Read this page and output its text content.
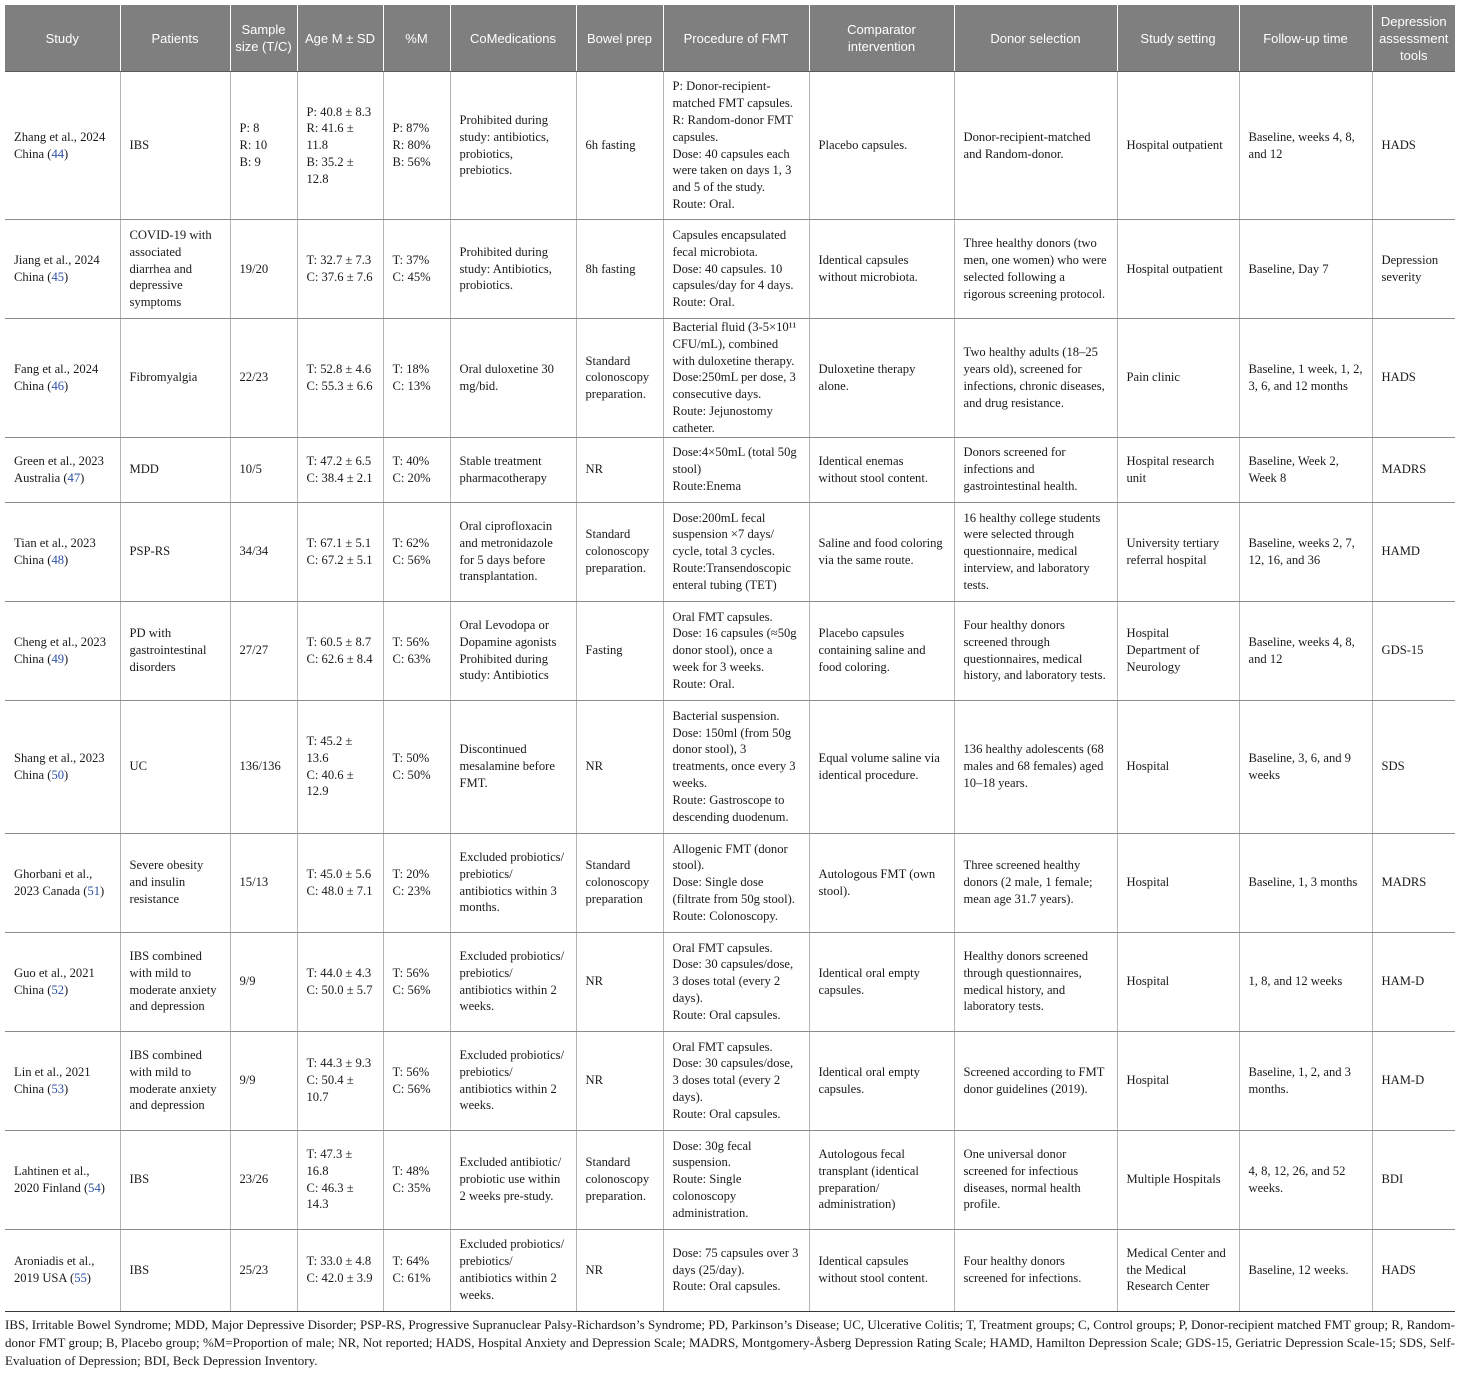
Study	Patients	Sample size (T/C)	Age M ± SD	%M	CoMedications	Bowel prep	Procedure of FMT	Comparator intervention	Donor selection	Study setting	Follow-up time	Depression assessment tools
Zhang et al., 2024 China (44)	IBS	P: 8
R: 10
B: 9	P: 40.8 ± 8.3
R: 41.6 ± 11.8
B: 35.2 ± 12.8	P: 87%
R: 80%
B: 56%	Prohibited during study: antibiotics, probiotics, prebiotics.	6h fasting	P: Donor-recipient-matched FMT capsules.
R: Random-donor FMT capsules.
Dose: 40 capsules each were taken on days 1, 3 and 5 of the study.
Route: Oral.	Placebo capsules.	Donor-recipient-matched and Random-donor.	Hospital outpatient	Baseline, weeks 4, 8, and 12	HADS
Jiang et al., 2024 China (45)	COVID-19 with associated diarrhea and depressive symptoms	19/20	T: 32.7 ± 7.3
C: 37.6 ± 7.6	T: 37%
C: 45%	Prohibited during study: Antibiotics, probiotics.	8h fasting	Capsules encapsulated fecal microbiota.
Dose: 40 capsules. 10 capsules/day for 4 days.
Route: Oral.	Identical capsules without microbiota.	Three healthy donors (two men, one women) who were selected following a rigorous screening protocol.	Hospital outpatient	Baseline, Day 7	Depression severity
Fang et al., 2024 China (46)	Fibromyalgia	22/23	T: 52.8 ± 4.6
C: 55.3 ± 6.6	T: 18%
C: 13%	Oral duloxetine 30 mg/bid.	Standard colonoscopy preparation.	Bacterial fluid (3-5×10¹¹ CFU/mL), combined with duloxetine therapy.
Dose:250mL per dose, 3 consecutive days.
Route: Jejunostomy catheter.	Duloxetine therapy alone.	Two healthy adults (18–25 years old), screened for infections, chronic diseases, and drug resistance.	Pain clinic	Baseline, 1 week, 1, 2, 3, 6, and 12 months	HADS
Green et al., 2023 Australia (47)	MDD	10/5	T: 47.2 ± 6.5
C: 38.4 ± 2.1	T: 40%
C: 20%	Stable treatment pharmacotherapy	NR	Dose:4×50mL (total 50g stool)
Route:Enema	Identical enemas without stool content.	Donors screened for infections and gastrointestinal health.	Hospital research unit	Baseline, Week 2, Week 8	MADRS
Tian et al., 2023 China (48)	PSP-RS	34/34	T: 67.1 ± 5.1
C: 67.2 ± 5.1	T: 62%
C: 56%	Oral ciprofloxacin and metronidazole for 5 days before transplantation.	Standard colonoscopy preparation.	Dose:200mL fecal suspension ×7 days/ cycle, total 3 cycles.
Route:Transendoscopic enteral tubing (TET)	Saline and food coloring via the same route.	16 healthy college students were selected through questionnaire, medical interview, and laboratory tests.	University tertiary referral hospital	Baseline, weeks 2, 7, 12, 16, and 36	HAMD
Cheng et al., 2023 China (49)	PD with gastrointestinal disorders	27/27	T: 60.5 ± 8.7
C: 62.6 ± 8.4	T: 56%
C: 63%	Oral Levodopa or Dopamine agonists Prohibited during study: Antibiotics	Fasting	Oral FMT capsules.
Dose: 16 capsules (≈50g donor stool), once a week for 3 weeks.
Route: Oral.	Placebo capsules containing saline and food coloring.	Four healthy donors screened through questionnaires, medical history, and laboratory tests.	Hospital Department of Neurology	Baseline, weeks 4, 8, and 12	GDS-15
Shang et al., 2023 China (50)	UC	136/136	T: 45.2 ± 13.6
C: 40.6 ± 12.9	T: 50%
C: 50%	Discontinued mesalamine before FMT.	NR	Bacterial suspension.
Dose: 150ml (from 50g donor stool), 3 treatments, once every 3 weeks.
Route: Gastroscope to descending duodenum.	Equal volume saline via identical procedure.	136 healthy adolescents (68 males and 68 females) aged 10–18 years.	Hospital	Baseline, 3, 6, and 9 weeks	SDS
Ghorbani et al., 2023 Canada (51)	Severe obesity and insulin resistance	15/13	T: 45.0 ± 5.6
C: 48.0 ± 7.1	T: 20%
C: 23%	Excluded probiotics/ prebiotics/ antibiotics within 3 months.	Standard colonoscopy preparation	Allogenic FMT (donor stool).
Dose: Single dose (filtrate from 50g stool).
Route: Colonoscopy.	Autologous FMT (own stool).	Three screened healthy donors (2 male, 1 female; mean age 31.7 years).	Hospital	Baseline, 1, 3 months	MADRS
Guo et al., 2021 China (52)	IBS combined with mild to moderate anxiety and depression	9/9	T: 44.0 ± 4.3
C: 50.0 ± 5.7	T: 56%
C: 56%	Excluded probiotics/ prebiotics/ antibiotics within 2 weeks.	NR	Oral FMT capsules.
Dose: 30 capsules/dose, 3 doses total (every 2 days).
Route: Oral capsules.	Identical oral empty capsules.	Healthy donors screened through questionnaires, medical history, and laboratory tests.	Hospital	1, 8, and 12 weeks	HAM-D
Lin et al., 2021 China (53)	IBS combined with mild to moderate anxiety and depression	9/9	T: 44.3 ± 9.3
C: 50.4 ± 10.7	T: 56%
C: 56%	Excluded probiotics/ prebiotics/ antibiotics within 2 weeks.	NR	Oral FMT capsules.
Dose: 30 capsules/dose, 3 doses total (every 2 days).
Route: Oral capsules.	Identical oral empty capsules.	Screened according to FMT donor guidelines (2019).	Hospital	Baseline, 1, 2, and 3 months.	HAM-D
Lahtinen et al., 2020 Finland (54)	IBS	23/26	T: 47.3 ± 16.8
C: 46.3 ± 14.3	T: 48%
C: 35%	Excluded antibiotic/ probiotic use within 2 weeks pre-study.	Standard colonoscopy preparation.	Dose: 30g fecal suspension.
Route: Single colonoscopy administration.	Autologous fecal transplant (identical preparation/ administration)	One universal donor screened for infectious diseases, normal health profile.	Multiple Hospitals	4, 8, 12, 26, and 52 weeks.	BDI
Aroniadis et al., 2019 USA (55)	IBS	25/23	T: 33.0 ± 4.8
C: 42.0 ± 3.9	T: 64%
C: 61%	Excluded probiotics/ prebiotics/ antibiotics within 2 weeks.	NR	Dose: 75 capsules over 3 days (25/day).
Route: Oral capsules.	Identical capsules without stool content.	Four healthy donors screened for infections.	Medical Center and the Medical Research Center	Baseline, 12 weeks.	HADS
IBS, Irritable Bowel Syndrome; MDD, Major Depressive Disorder; PSP-RS, Progressive Supranuclear Palsy-Richardson’s Syndrome; PD, Parkinson’s Disease; UC, Ulcerative Colitis; T, Treatment groups; C, Control groups; P, Donor-recipient matched FMT group; R, Random-donor FMT group; B, Placebo group; %M=Proportion of male; NR, Not reported; HADS, Hospital Anxiety and Depression Scale; MADRS, Montgomery-Åsberg Depression Rating Scale; HAMD, Hamilton Depression Scale; GDS-15, Geriatric Depression Scale-15; SDS, Self-Evaluation of Depression; BDI, Beck Depression Inventory.
